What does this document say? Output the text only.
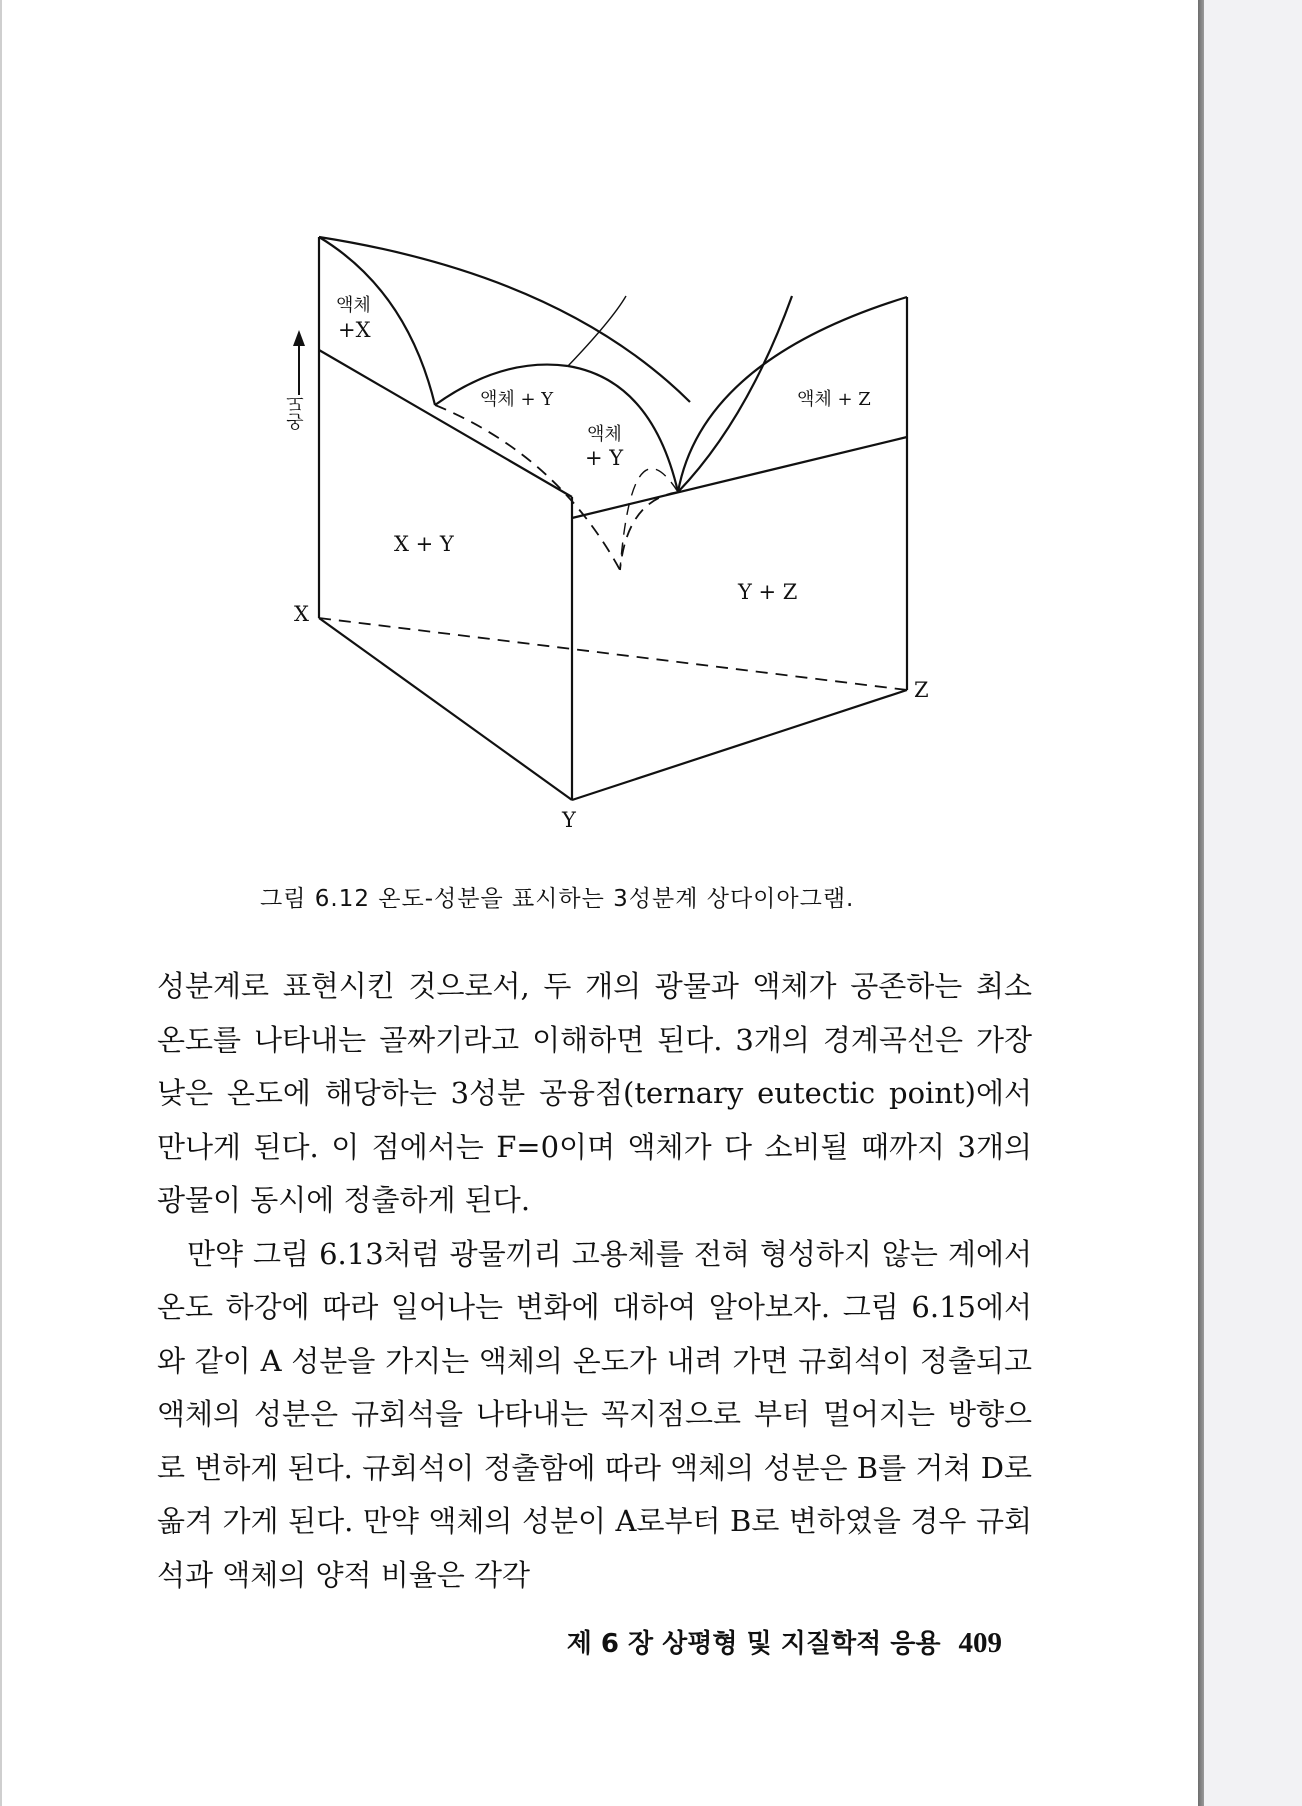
액체
+X
액체 + Y
액체
+ Y
액체 + Z
X + Y
Y + Z
X
Y
Z
온도
그림 6.12 온도-성분을 표시하는 3성분계 상다이아그램.

성분계로 표현시킨 것으로서, 두 개의 광물과 액체가 공존하는 최소 온도를 나타내는 골짜기라고 이해하면 된다. 3개의 경계곡선은 가장 낮은 온도에 해당하는 3성분 공융점(ternary eutectic point)에서 만나게 된다. 이 점에서는 F=0이며 액체가 다 소비될 때까지 3개의 광물이 동시에 정출하게 된다.

만약 그림 6.13처럼 광물끼리 고용체를 전혀 형성하지 않는 계에서 온도 하강에 따라 일어나는 변화에 대하여 알아보자. 그림 6.15에서와 같이 A 성분을 가지는 액체의 온도가 내려 가면 규회석이 정출되고 액체의 성분은 규회석을 나타내는 꼭지점으로 부터 멀어지는 방향으로 변하게 된다. 규회석이 정출함에 따라 액체의 성분은 B를 거쳐 D로 옮겨 가게 된다. 만약 액체의 성분이 A로부터 B로 변하였을 경우 규회석과 액체의 양적 비율은 각각

제 6 장 상평형 및 지질학적 응용 409
